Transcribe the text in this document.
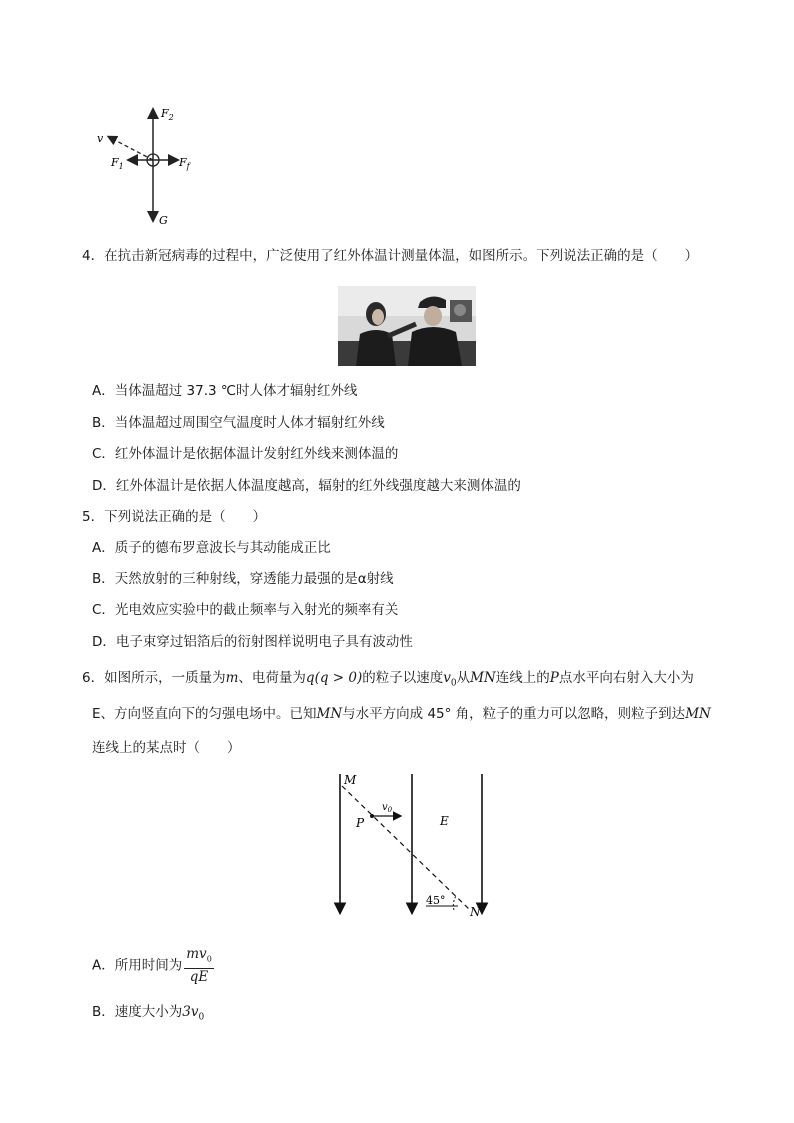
$F_2$
$F_1$	$F_f$
v
G
4．在抗击新冠病毒的过程中，广泛使用了红外体温计测量体温，如图所示。下列说法正确的是（　　）
A．当体温超过 37.3 ℃时人体才辐射红外线
B．当体温超过周围空气温度时人体才辐射红外线
C．红外体温计是依据体温计发射红外线来测体温的
D．红外体温计是依据人体温度越高，辐射的红外线强度越大来测体温的
5．下列说法正确的是（　　）
A．质子的德布罗意波长与其动能成正比
B．天然放射的三种射线，穿透能力最强的是α射线
C．光电效应实验中的截止频率与入射光的频率有关
D．电子束穿过铝箔后的衍射图样说明电子具有波动性
6．如图所示，一质量为m、电荷量为q(q > 0)的粒子以速度$v_0$从MN连线上的P点水平向右射入大小为
E、方向竖直向下的匀强电场中。已知MN与水平方向成 45° 角，粒子的重力可以忽略，则粒子到达MN
连线上的某点时（　　）
M
N
P	E
$v_0$
45°
A．所用时间为 $\frac{mv_0}{qE}$
B．速度大小为$3v_0$
